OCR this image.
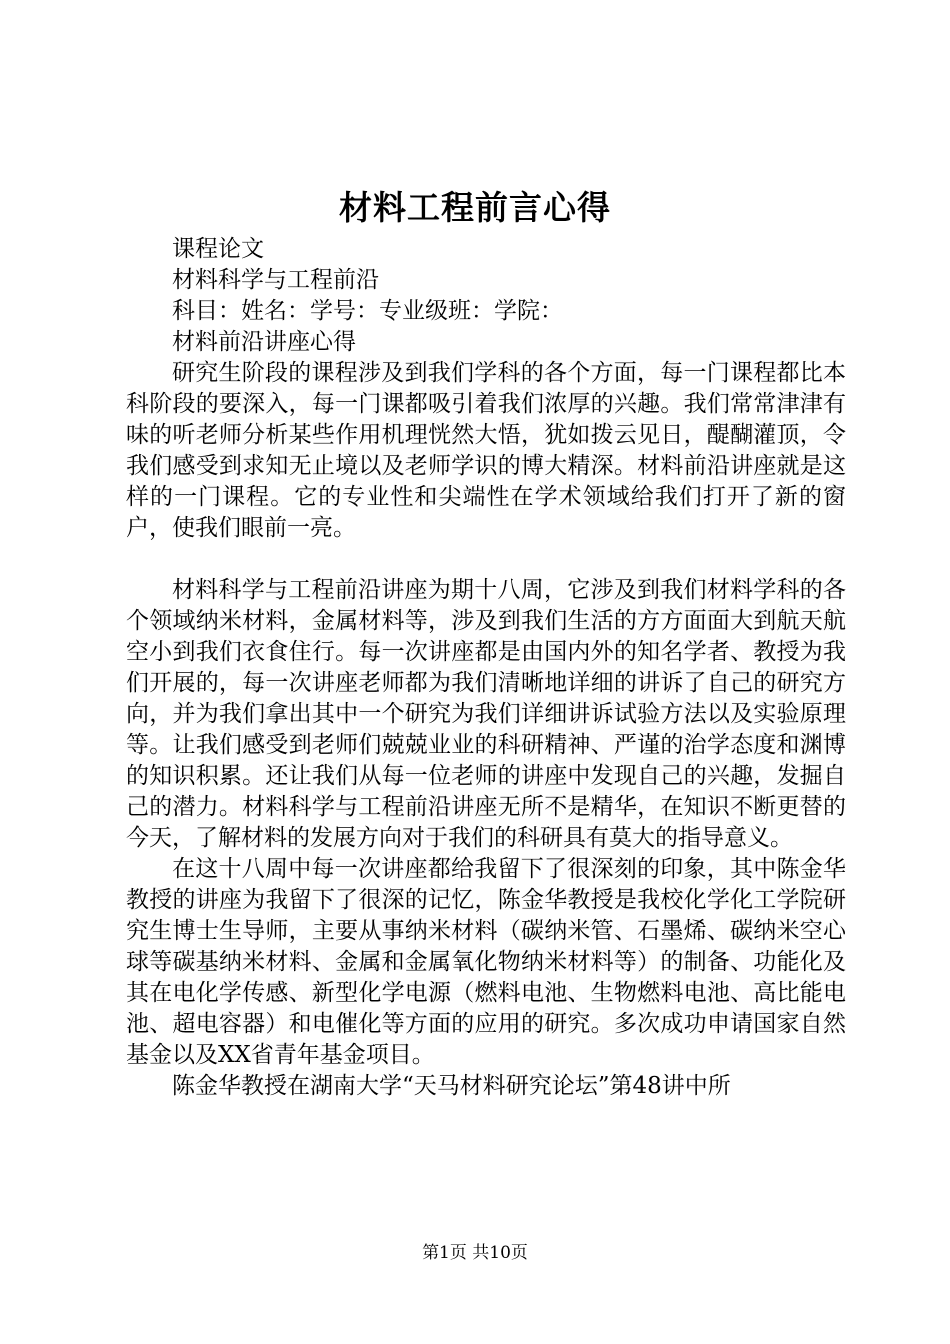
材料工程前言心得
课程论文
材料科学与工程前沿
科目：姓名：学号：专业级班：学院：
材料前沿讲座心得

研究生阶段的课程涉及到我们学科的各个方面，每一门课程都比本科阶段的要深入，每一门课都吸引着我们浓厚的兴趣。我们常常津津有味的听老师分析某些作用机理恍然大悟，犹如拨云见日，醍醐灌顶，令我们感受到求知无止境以及老师学识的博大精深。材料前沿讲座就是这样的一门课程。它的专业性和尖端性在学术领域给我们打开了新的窗户，使我们眼前一亮。

材料科学与工程前沿讲座为期十八周，它涉及到我们材料学科的各个领域纳米材料，金属材料等，涉及到我们生活的方方面面大到航天航空小到我们衣食住行。每一次讲座都是由国内外的知名学者、教授为我们开展的，每一次讲座老师都为我们清晰地详细的讲诉了自己的研究方向，并为我们拿出其中一个研究为我们详细讲诉试验方法以及实验原理等。让我们感受到老师们兢兢业业的科研精神、严谨的治学态度和渊博的知识积累。还让我们从每一位老师的讲座中发现自己的兴趣，发掘自己的潜力。材料科学与工程前沿讲座无所不是精华，在知识不断更替的今天，了解材料的发展方向对于我们的科研具有莫大的指导意义。

在这十八周中每一次讲座都给我留下了很深刻的印象，其中陈金华教授的讲座为我留下了很深的记忆，陈金华教授是我校化学化工学院研究生博士生导师，主要从事纳米材料（碳纳米管、石墨烯、碳纳米空心球等碳基纳米材料、金属和金属氧化物纳米材料等）的制备、功能化及其在电化学传感、新型化学电源（燃料电池、生物燃料电池、高比能电池、超电容器）和电催化等方面的应用的研究。多次成功申请国家自然基金以及XX省青年基金项目。

陈金华教授在湖南大学“天马材料研究论坛”第48讲中所

第1页 共10页
